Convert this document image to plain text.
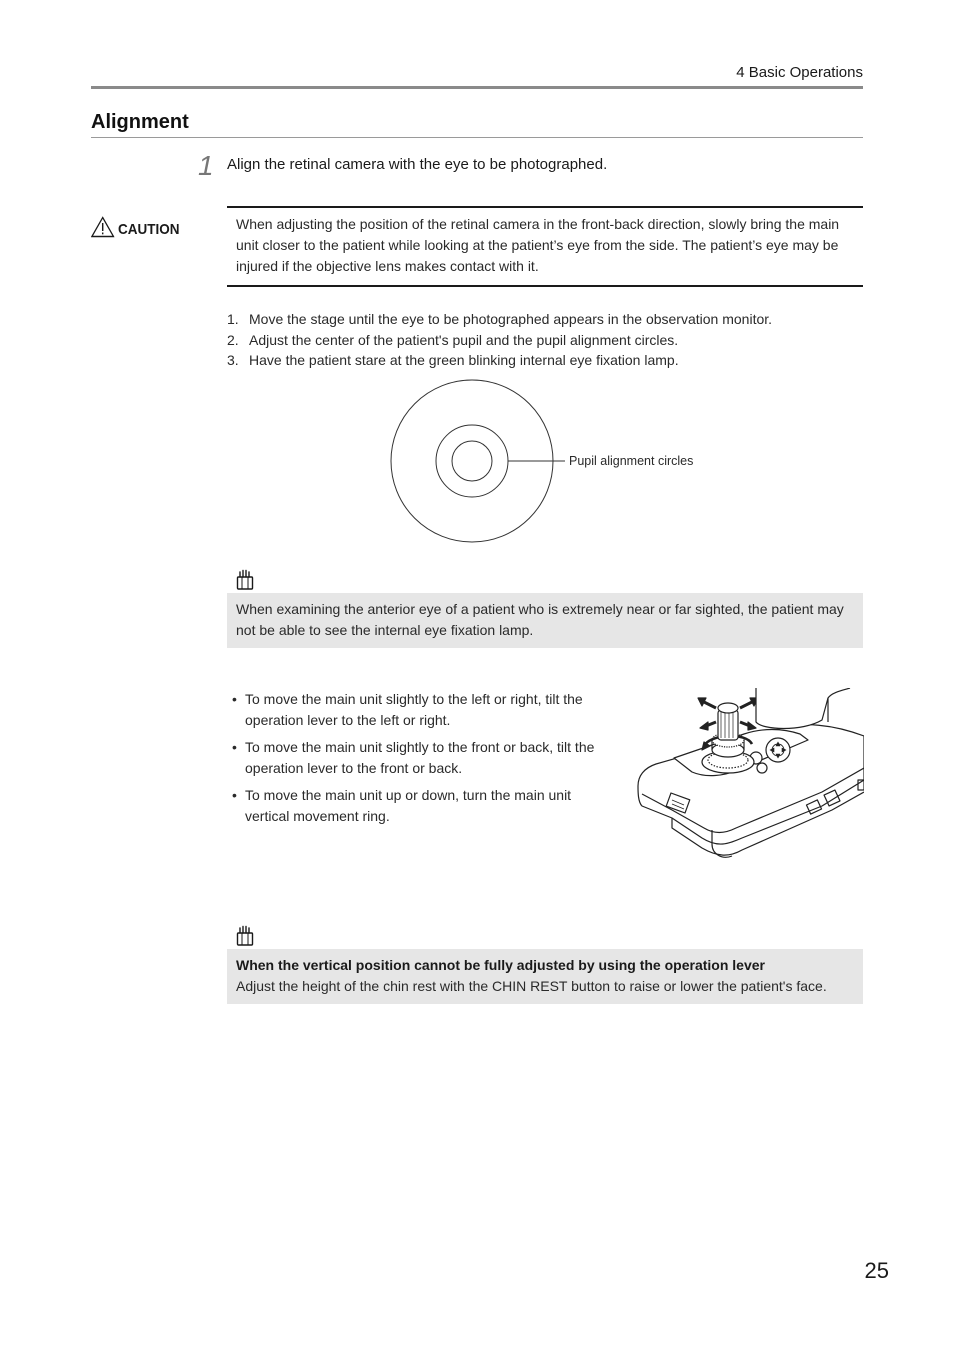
4 Basic Operations
Alignment
1 Align the retinal camera with the eye to be photographed.
CAUTION	When adjusting the position of the retinal camera in the front-back direction, slowly bring the main unit closer to the patient while looking at the patient’s eye from the side. The patient’s eye may be injured if the objective lens makes contact with it.
1. Move the stage until the eye to be photographed appears in the observation monitor.
2. Adjust the center of the patient's pupil and the pupil alignment circles.
3. Have the patient stare at the green blinking internal eye fixation lamp.
Pupil alignment circles
When examining the anterior eye of a patient who is extremely near or far sighted, the patient may not be able to see the internal eye fixation lamp.
• To move the main unit slightly to the left or right, tilt the operation lever to the left or right.
• To move the main unit slightly to the front or back, tilt the operation lever to the front or back.
• To move the main unit up or down, turn the main unit vertical movement ring.
When the vertical position cannot be fully adjusted by using the operation lever
Adjust the height of the chin rest with the CHIN REST button to raise or lower the patient's face.
25
